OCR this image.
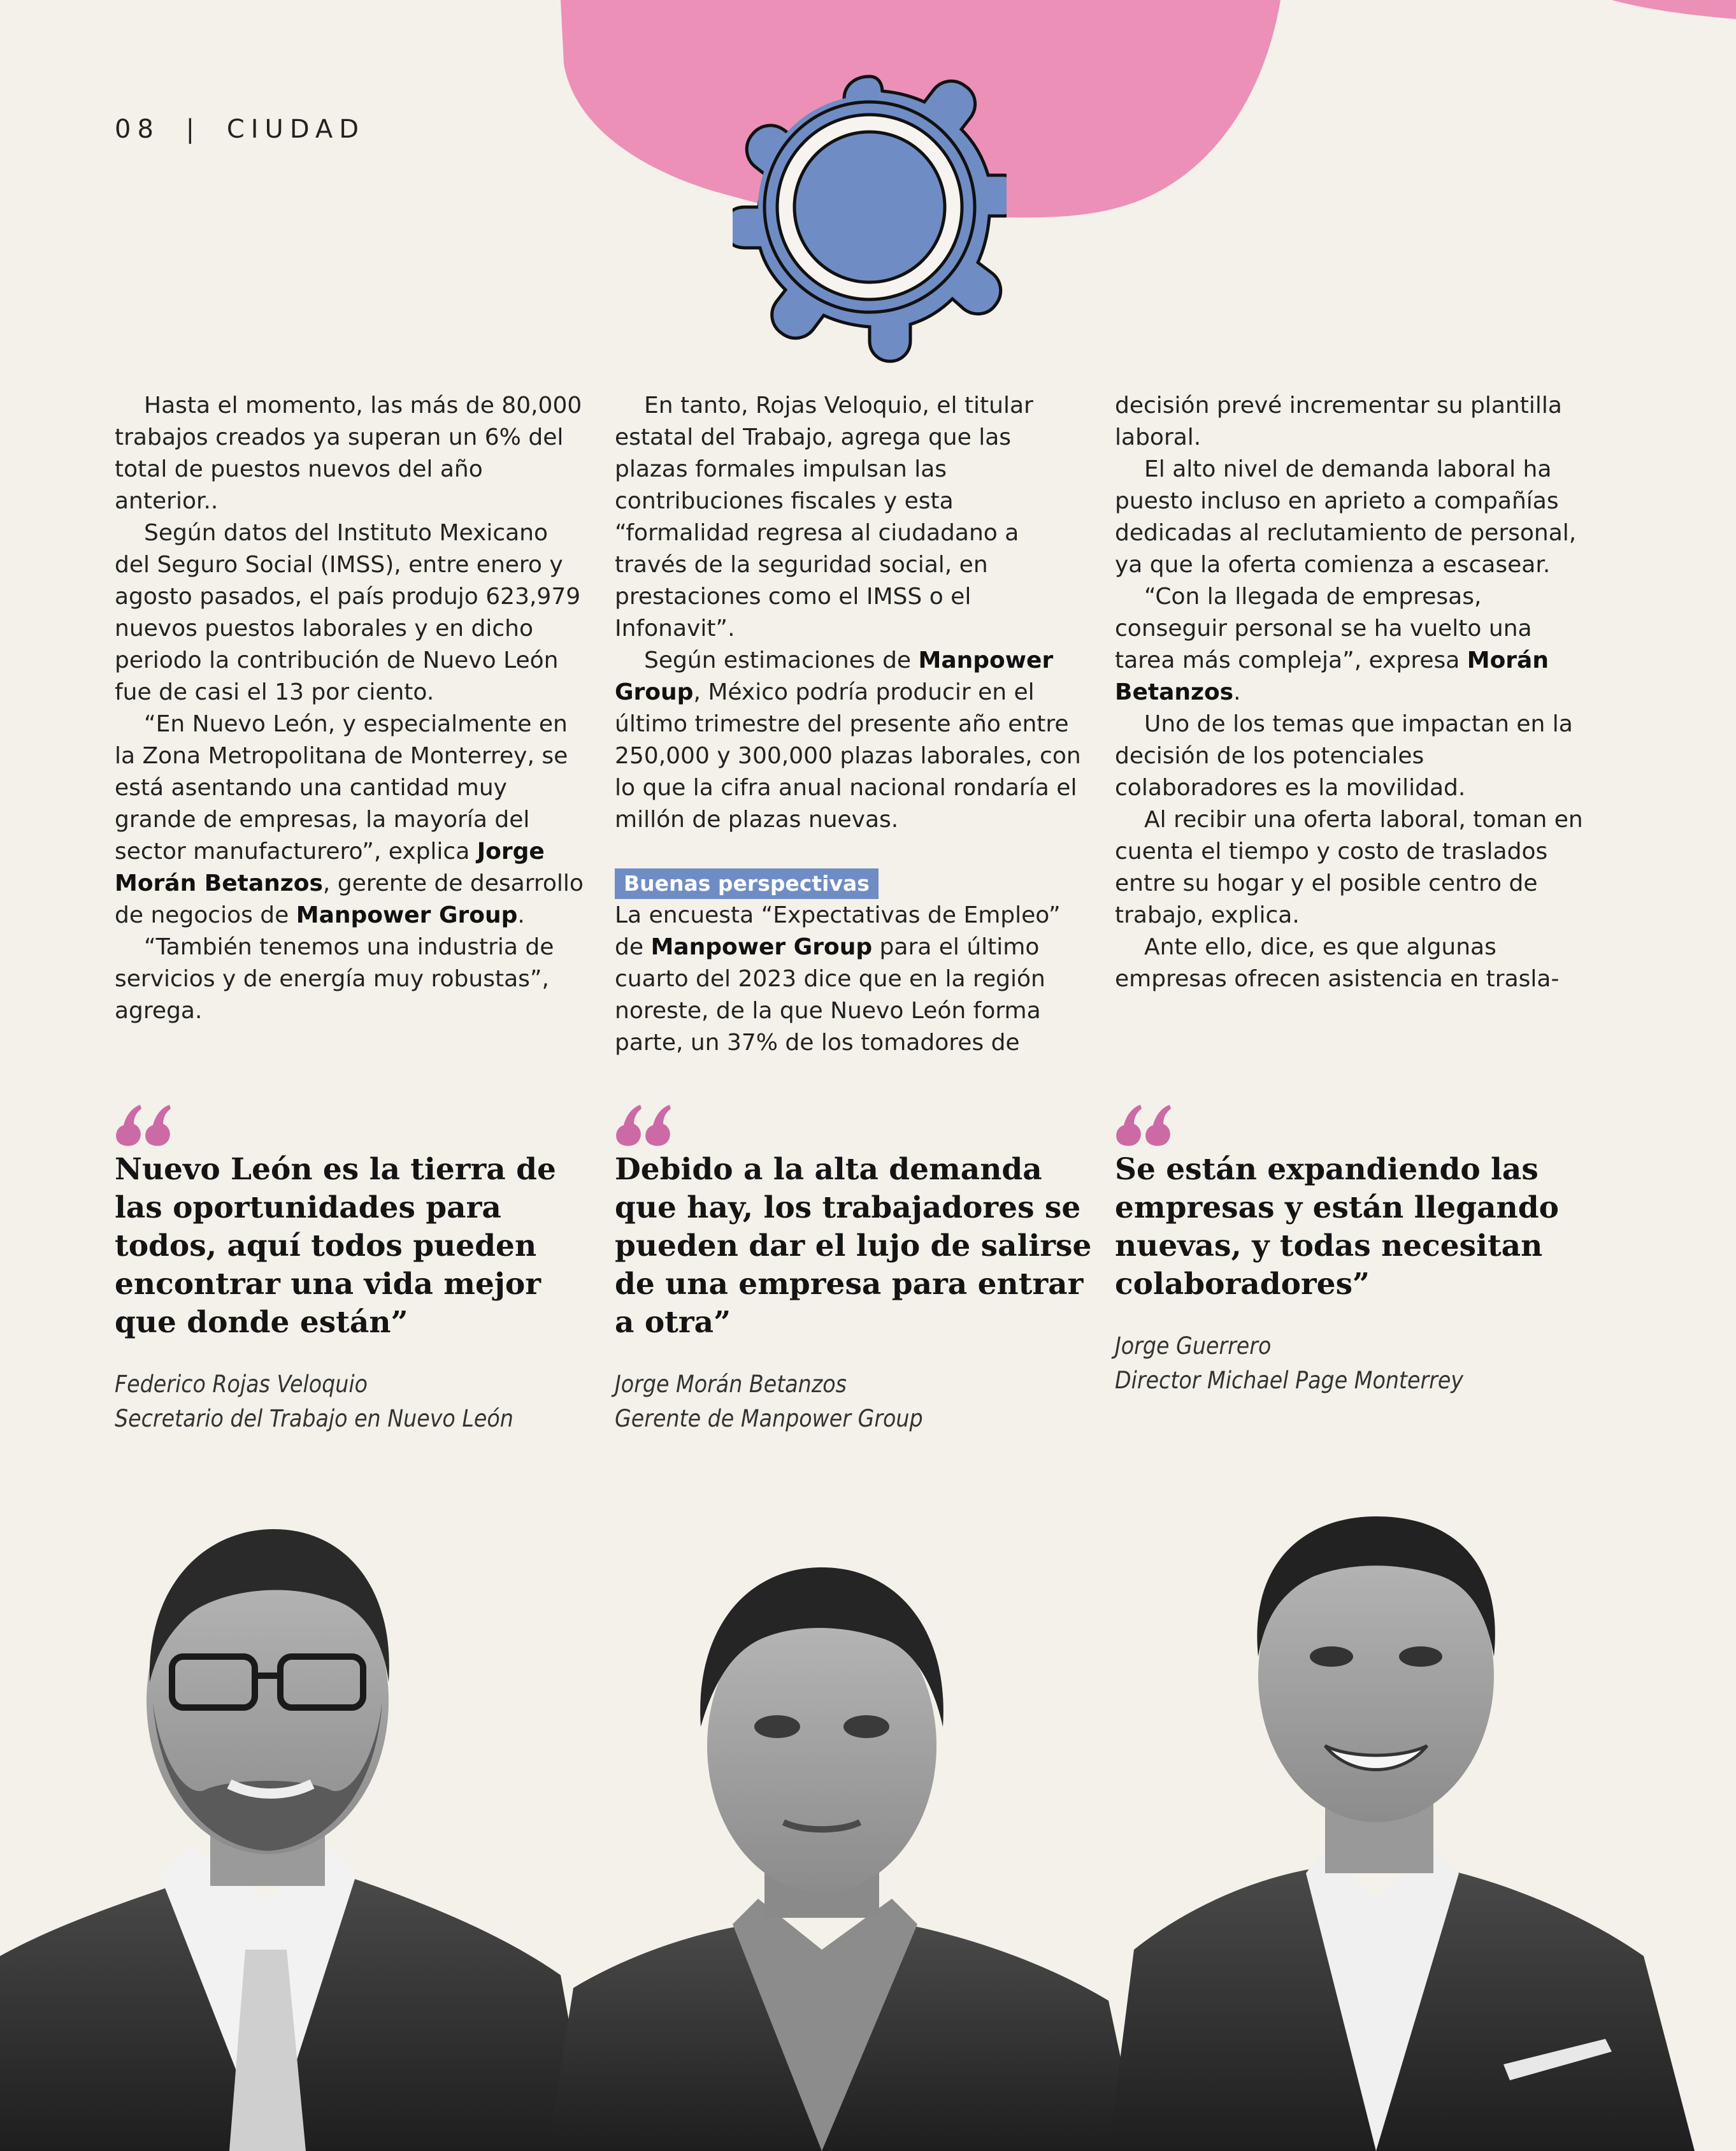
08 | CIUDAD

Hasta el momento, las más de 80,000 trabajos creados ya superan un 6% del total de puestos nuevos del año anterior..

Según datos del Instituto Mexicano del Seguro Social (IMSS), entre enero y agosto pasados, el país produjo 623,979 nuevos puestos laborales y en dicho periodo la contribución de Nuevo León fue de casi el 13 por ciento.

“En Nuevo León, y especialmente en la Zona Metropolitana de Monterrey, se está asentando una cantidad muy grande de empresas, la mayoría del sector manufacturero”, explica Jorge Morán Betanzos, gerente de desarrollo de negocios de Manpower Group.

“También tenemos una industria de servicios y de energía muy robustas”, agrega.

En tanto, Rojas Veloquio, el titular estatal del Trabajo, agrega que las plazas formales impulsan las contribuciones fiscales y esta “formalidad regresa al ciudadano a través de la seguridad social, en prestaciones como el IMSS o el Infonavit”.

Según estimaciones de Manpower Group, México podría producir en el último trimestre del presente año entre 250,000 y 300,000 plazas laborales, con lo que la cifra anual nacional rondaría el millón de plazas nuevas.

Buenas perspectivas

La encuesta “Expectativas de Empleo” de Manpower Group para el último cuarto del 2023 dice que en la región noreste, de la que Nuevo León forma parte, un 37% de los tomadores de

decisión prevé incrementar su plantilla laboral.

El alto nivel de demanda laboral ha puesto incluso en aprieto a compañías dedicadas al reclutamiento de personal, ya que la oferta comienza a escasear.

“Con la llegada de empresas, conseguir personal se ha vuelto una tarea más compleja”, expresa Morán Betanzos.

Uno de los temas que impactan en la decisión de los potenciales colaboradores es la movilidad.

Al recibir una oferta laboral, toman en cuenta el tiempo y costo de traslados entre su hogar y el posible centro de trabajo, explica.

Ante ello, dice, es que algunas empresas ofrecen asistencia en trasla-

Nuevo León es la tierra de las oportunidades para todos, aquí todos pueden encontrar una vida mejor que donde están”

Federico Rojas Veloquio
Secretario del Trabajo en Nuevo León

Debido a la alta demanda que hay, los trabajadores se pueden dar el lujo de salirse de una empresa para entrar a otra”

Jorge Morán Betanzos
Gerente de Manpower Group

Se están expandiendo las empresas y están llegando nuevas, y todas necesitan colaboradores”

Jorge Guerrero
Director Michael Page Monterrey
